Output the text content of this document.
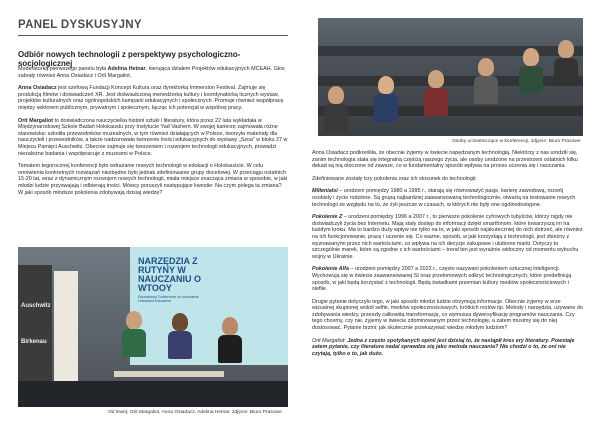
PANEL DYSKUSYJNY
Odbiór nowych technologii z perspektywy psychologiczno-socjologicznej

Moderatorką pierwszego panelu była Adelina Hetnar, kierująca działem Projektów edukacyjnych MCEAH. Głos zabrały również Anna Osiadacz i Orit Margaliot.

Anna Osiadacz jest szefową Fundacji Koncept Kultura oraz dyrektorką Immersion Festival. Zajmuje się produkcją filmów i doświadczeń XR. Jest doświadczoną menedżerką kultury i koordynatorką licznych wystaw, projektów kulturalnych oraz ogólnopolskich kampanii edukacyjnych i społecznych. Promuje również współpracę między sektorem publicznym, prywatnym i społecznym, łącząc ich potencjał w wspólnej pracy.

Orit Margaliot to doświadczona nauczycielka historii sztuki i literatury, która przez 22 lata wykładała w Międzynarodowej Szkole Badań Holokaustu przy Instytucie Yad Vashem. W swojej karierze zajmowała różne stanowiska: szkoliła przewodników muzealnych, w tym również działających w Polsce, tworzyła materiały dla nauczycieli i przewodników, a także nadzorowała tworzenie treści edukacyjnych do wystawy „Szoa” w bloku 27 w Miejscu Pamięci Auschwitz. Obecnie zajmuje się tworzeniem i rozwojem technologii edukacyjnych, prowadzi niezależne badania i współpracuje z muzeami w Polsce.

Tematem tegorocznej konferencji było wdrażanie nowych technologii w edukacji o Holokauście. W celu omówienia konkretnych rozwiązań niezbędne było jednak zdefiniowanie grupy docelowej. W przeciągu ostatnich 15-20 lat, wraz z dynamicznym rozwojem nowych technologii, miała miejsce znacząca zmiana w sposobie, w jaki młodzi ludzie przyswajają i odbierają treści. Mówcy poruszyli następujące kwestie: Na czym polega ta zmiana? W jaki sposób młodsze pokolenia zdobywają dzisiaj wiedzę?

Auschwitz
Birkenau
NARZĘDZIA Z RUTYNY W NAUCZANIU O WTOOY
Educational Conference on Innovative Holocaust Education
Od lewej: Orit Margaliot, Anna Osiadacz, Adelina Hetnar, zdjęcie: Biuro Prasowe
Osoby uczestniczące w konferencji, zdjęcie: Biuro Prasowe

Anna Osiadacz podkreśliła, że obecnie żyjemy w świecie napędzanym technologią. Niektórzy z nas urodzili się, zanim technologia stała się integralną częścią naszego życia, ale osoby urodzone na przestrzeni ostatnich kilku dekad są nią otoczone od zawsze, co w fundamentalny sposób wpływa na proces uczenia się i nauczania.

Zdefiniowane zostały trzy pokolenia oraz ich stosunek do technologii:

Millenialsi – urodzeni pomiędzy 1980 a 1995 r., starają się równoważyć pasje, karierę zawodową, rozwój osobisty i życie rodzinne. Są grupą najbardziej zaawansowaną technologicznie, otwartą na testowanie nowych technologii ze względu na to, że żyli jeszcze w czasach, w których nie były one ogólnodostępne.

Pokolenie Z – urodzeni pomiędzy 1996 a 2007 r., to pierwsze pokolenie cyfrowych tubylców, którzy nigdy nie doświadczyli życia bez Internetu. Mają stały dostęp do informacji dzięki smartfonom, które towarzyszą im na każdym kroku. Ma to bardzo duży wpływ nie tylko na to, w jaki sposób najskuteczniej do nich dotrzeć, ale również na ich funkcjonowanie, pracę i uczenie się. Co ważne, sposób, w jaki korzystają z technologii, jest zbieżny z wyznawanymi przez nich wartościami, co wpływa na ich decyzje zakupowe i ulubione marki. Dotyczy to szczególnie marek, które są zgodne z ich wartościami – trend ten jest wyraźnie widoczny od momentu wybuchu wojny w Ukrainie.

Pokolenie Alfa – urodzeni pomiędzy 2007 a 2022 r., często nazywani pokoleniem sztucznej inteligencji. Wychowują się w świecie zaawansowanej SI oraz przełomowych odkryć technologicznych, które predefiniują sposób, w jaki będą korzystać z technologii. Będą świadkami przemian kultury mediów społecznościowych i sieflie.

Drugie pytanie dotyczyło tego, w jaki sposób młodzi ludzie otrzymują informacje. Obecnie żyjemy w erze wizualnej skupionej wokół selfie, mediów społecznościowych, krótkich rezlów itp. Metody i narzędzia, używane do zdobywania wiedzy, przeszły całkowitą transformację, co wymusza dywersyfikację programów nauczania. Czy tego chcemy, czy nie, żyjemy w świecie zdominowanym przez technologię, a zatem musimy się do niej dostosować. Pytanie brzmi: jak skutecznie przekazywać wiedzę młodym ludziom?

Orit Margaliot: Jedna z często spotykanych opinii jest dzisiaj to, że nastąpił kres ery literatury. Powstaje zatem pytanie, czy literatura nadal sprawdza się jako metoda nauczania? Nie chodzi o to, że oni nie czytają, tylko o to, jak dużo.
